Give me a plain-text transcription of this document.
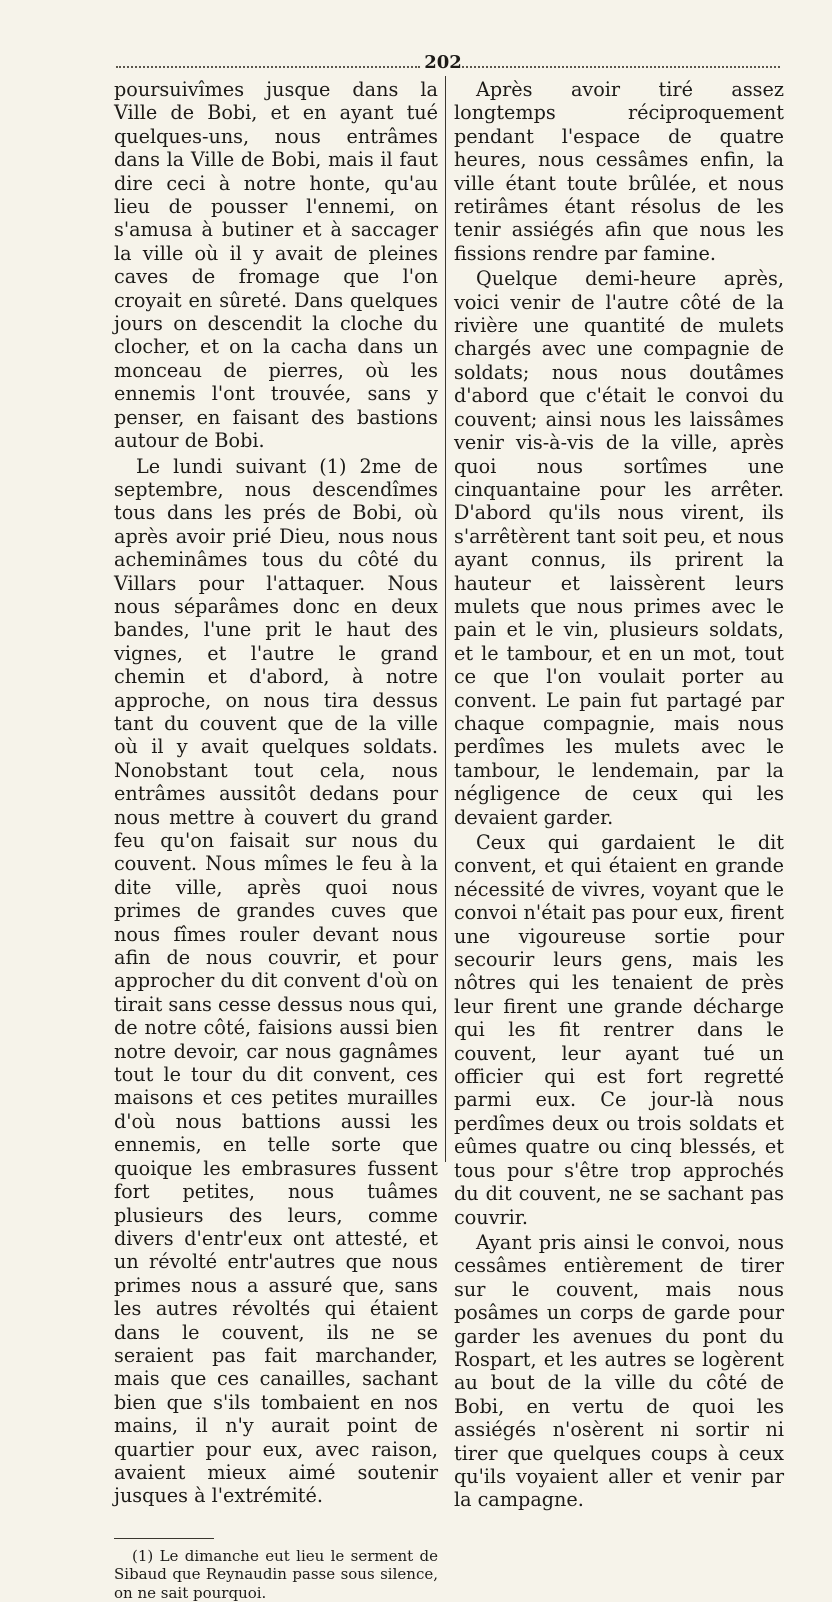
202

poursuivîmes jusque dans la Ville de Bobi, et en ayant tué quelques-uns, nous entrâmes dans la Ville de Bobi, mais il faut dire ceci à notre honte, qu'au lieu de pousser l'ennemi, on s'amusa à butiner et à saccager la ville où il y avait de pleines caves de fromage que l'on croyait en sûreté. Dans quelques jours on descendit la cloche du clocher, et on la cacha dans un monceau de pierres, où les ennemis l'ont trouvée, sans y penser, en faisant des bastions autour de Bobi.

Le lundi suivant (1) 2me de septembre, nous descendîmes tous dans les prés de Bobi, où après avoir prié Dieu, nous nous acheminâmes tous du côté du Villars pour l'attaquer. Nous nous séparâmes donc en deux bandes, l'une prit le haut des vignes, et l'autre le grand chemin et d'abord, à notre approche, on nous tira dessus tant du couvent que de la ville où il y avait quelques soldats. Nonobstant tout cela, nous entrâmes aussitôt dedans pour nous mettre à couvert du grand feu qu'on faisait sur nous du couvent. Nous mîmes le feu à la dite ville, après quoi nous primes de grandes cuves que nous fîmes rouler devant nous afin de nous couvrir, et pour approcher du dit convent d'où on tirait sans cesse dessus nous qui, de notre côté, faisions aussi bien notre devoir, car nous gagnâmes tout le tour du dit convent, ces maisons et ces petites murailles d'où nous battions aussi les ennemis, en telle sorte que quoique les embrasures fussent fort petites, nous tuâmes plusieurs des leurs, comme divers d'entr'eux ont attesté, et un révolté entr'autres que nous primes nous a assuré que, sans les autres révoltés qui étaient dans le couvent, ils ne se seraient pas fait marchander, mais que ces canailles, sachant bien que s'ils tombaient en nos mains, il n'y aurait point de quartier pour eux, avec raison, avaient mieux aimé soutenir jusques à l'extrémité.

(1) Le dimanche eut lieu le serment de Sibaud que Reynaudin passe sous silence, on ne sait pourquoi.

Après avoir tiré assez longtemps réciproquement pendant l'espace de quatre heures, nous cessâmes enfin, la ville étant toute brûlée, et nous retirâmes étant résolus de les tenir assiégés afin que nous les fissions rendre par famine.

Quelque demi-heure après, voici venir de l'autre côté de la rivière une quantité de mulets chargés avec une compagnie de soldats; nous nous doutâmes d'abord que c'était le convoi du couvent; ainsi nous les laissâmes venir vis-à-vis de la ville, après quoi nous sortîmes une cinquantaine pour les arrêter. D'abord qu'ils nous virent, ils s'arrêtèrent tant soit peu, et nous ayant connus, ils prirent la hauteur et laissèrent leurs mulets que nous primes avec le pain et le vin, plusieurs soldats, et le tambour, et en un mot, tout ce que l'on voulait porter au convent. Le pain fut partagé par chaque compagnie, mais nous perdîmes les mulets avec le tambour, le lendemain, par la négligence de ceux qui les devaient garder.

Ceux qui gardaient le dit convent, et qui étaient en grande nécessité de vivres, voyant que le convoi n'était pas pour eux, firent une vigoureuse sortie pour secourir leurs gens, mais les nôtres qui les tenaient de près leur firent une grande décharge qui les fit rentrer dans le couvent, leur ayant tué un officier qui est fort regretté parmi eux. Ce jour-là nous perdîmes deux ou trois soldats et eûmes quatre ou cinq blessés, et tous pour s'être trop approchés du dit couvent, ne se sachant pas couvrir.

Ayant pris ainsi le convoi, nous cessâmes entièrement de tirer sur le couvent, mais nous posâmes un corps de garde pour garder les avenues du pont du Rospart, et les autres se logèrent au bout de la ville du côté de Bobi, en vertu de quoi les assiégés n'osèrent ni sortir ni tirer que quelques coups à ceux qu'ils voyaient aller et venir par la campagne.
